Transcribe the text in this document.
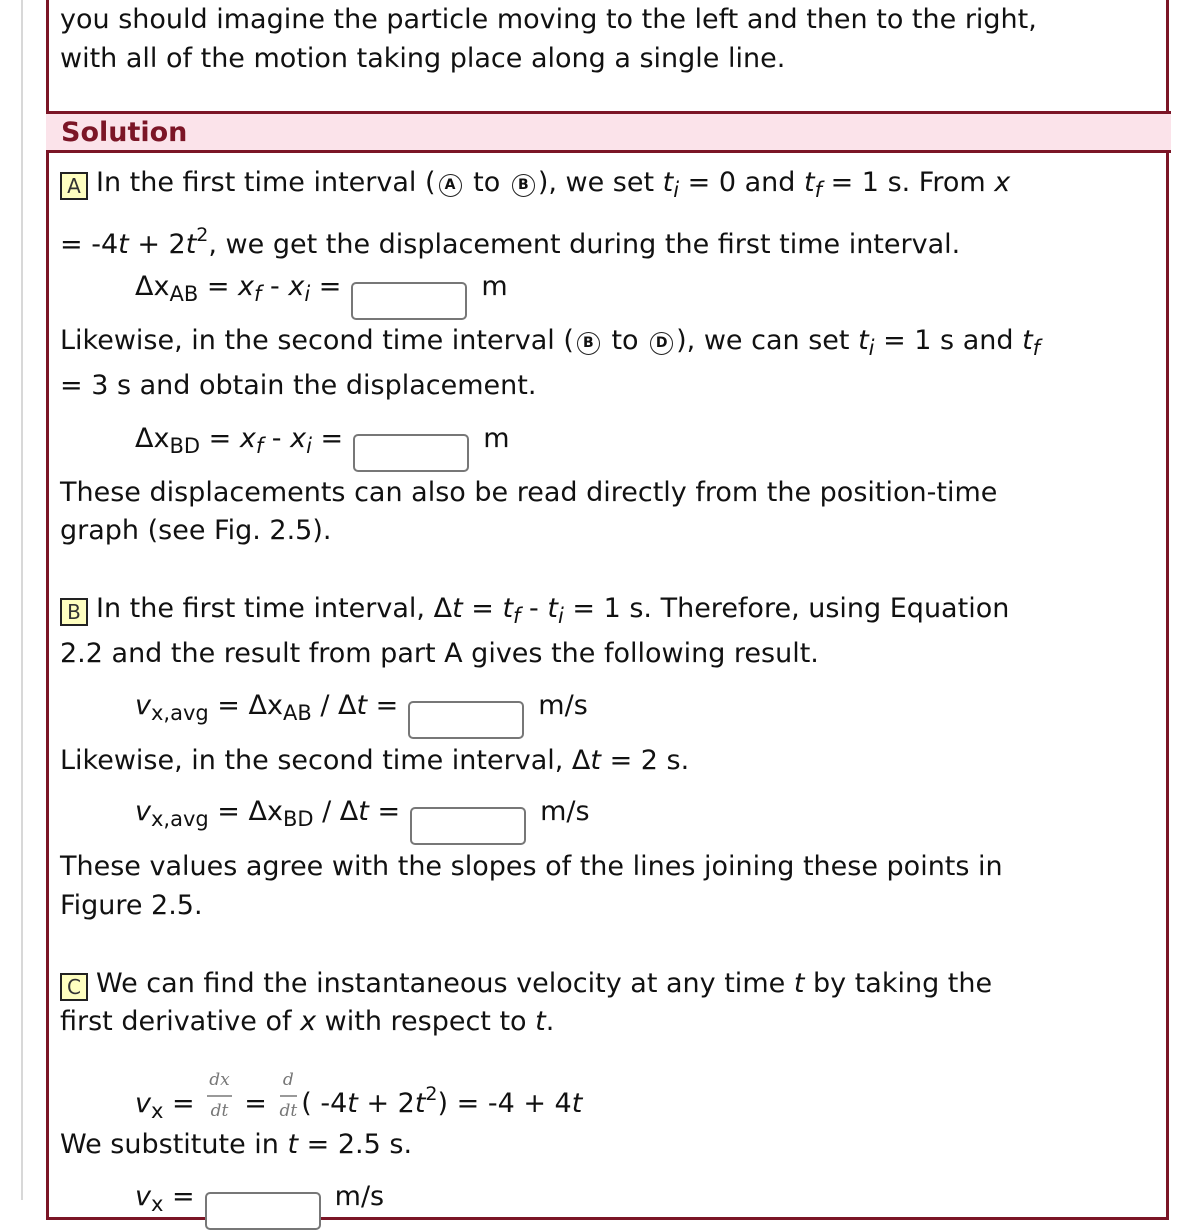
Solution
you should imagine the particle moving to the left and then to the right,
with all of the motion taking place along a single line.
A In the first time interval ( A to B ), we set $t_i = 0$ and $t_f = 1$ s. From x
= $-4t + 2t^2$, we get the displacement during the first time interval.
$\Delta x_{AB} = x_f - x_i$ =	m
Likewise, in the second time interval ( B to D ), we can set $t_i = 1$ s and $t_f$
= 3 s and obtain the displacement.
$\Delta x_{BD} = x_f - x_i$ =	m
These displacements can also be read directly from the position-time
graph (see Fig. 2.5).
B In the first time interval, $\Delta t = t_f - t_i = 1$ s. Therefore, using Equation
2.2 and the result from part A gives the following result.
$v_{x,avg} = \Delta x_{AB} / \Delta t$ =	m/s
Likewise, in the second time interval, Δt = 2 s.
$v_{x,avg} = \Delta x_{BD} / \Delta t$ =	m/s
These values agree with the slopes of the lines joining these points in
Figure 2.5.
C We can find the instantaneous velocity at any time t by taking the
first derivative of x with respect to t.
$v_x = \frac{dx}{dt} = \frac{d}{dt}$ ( $-4t + 2t^2) = -4 + 4t$
We substitute in t = 2.5 s.
$v_x$ =	m/s
